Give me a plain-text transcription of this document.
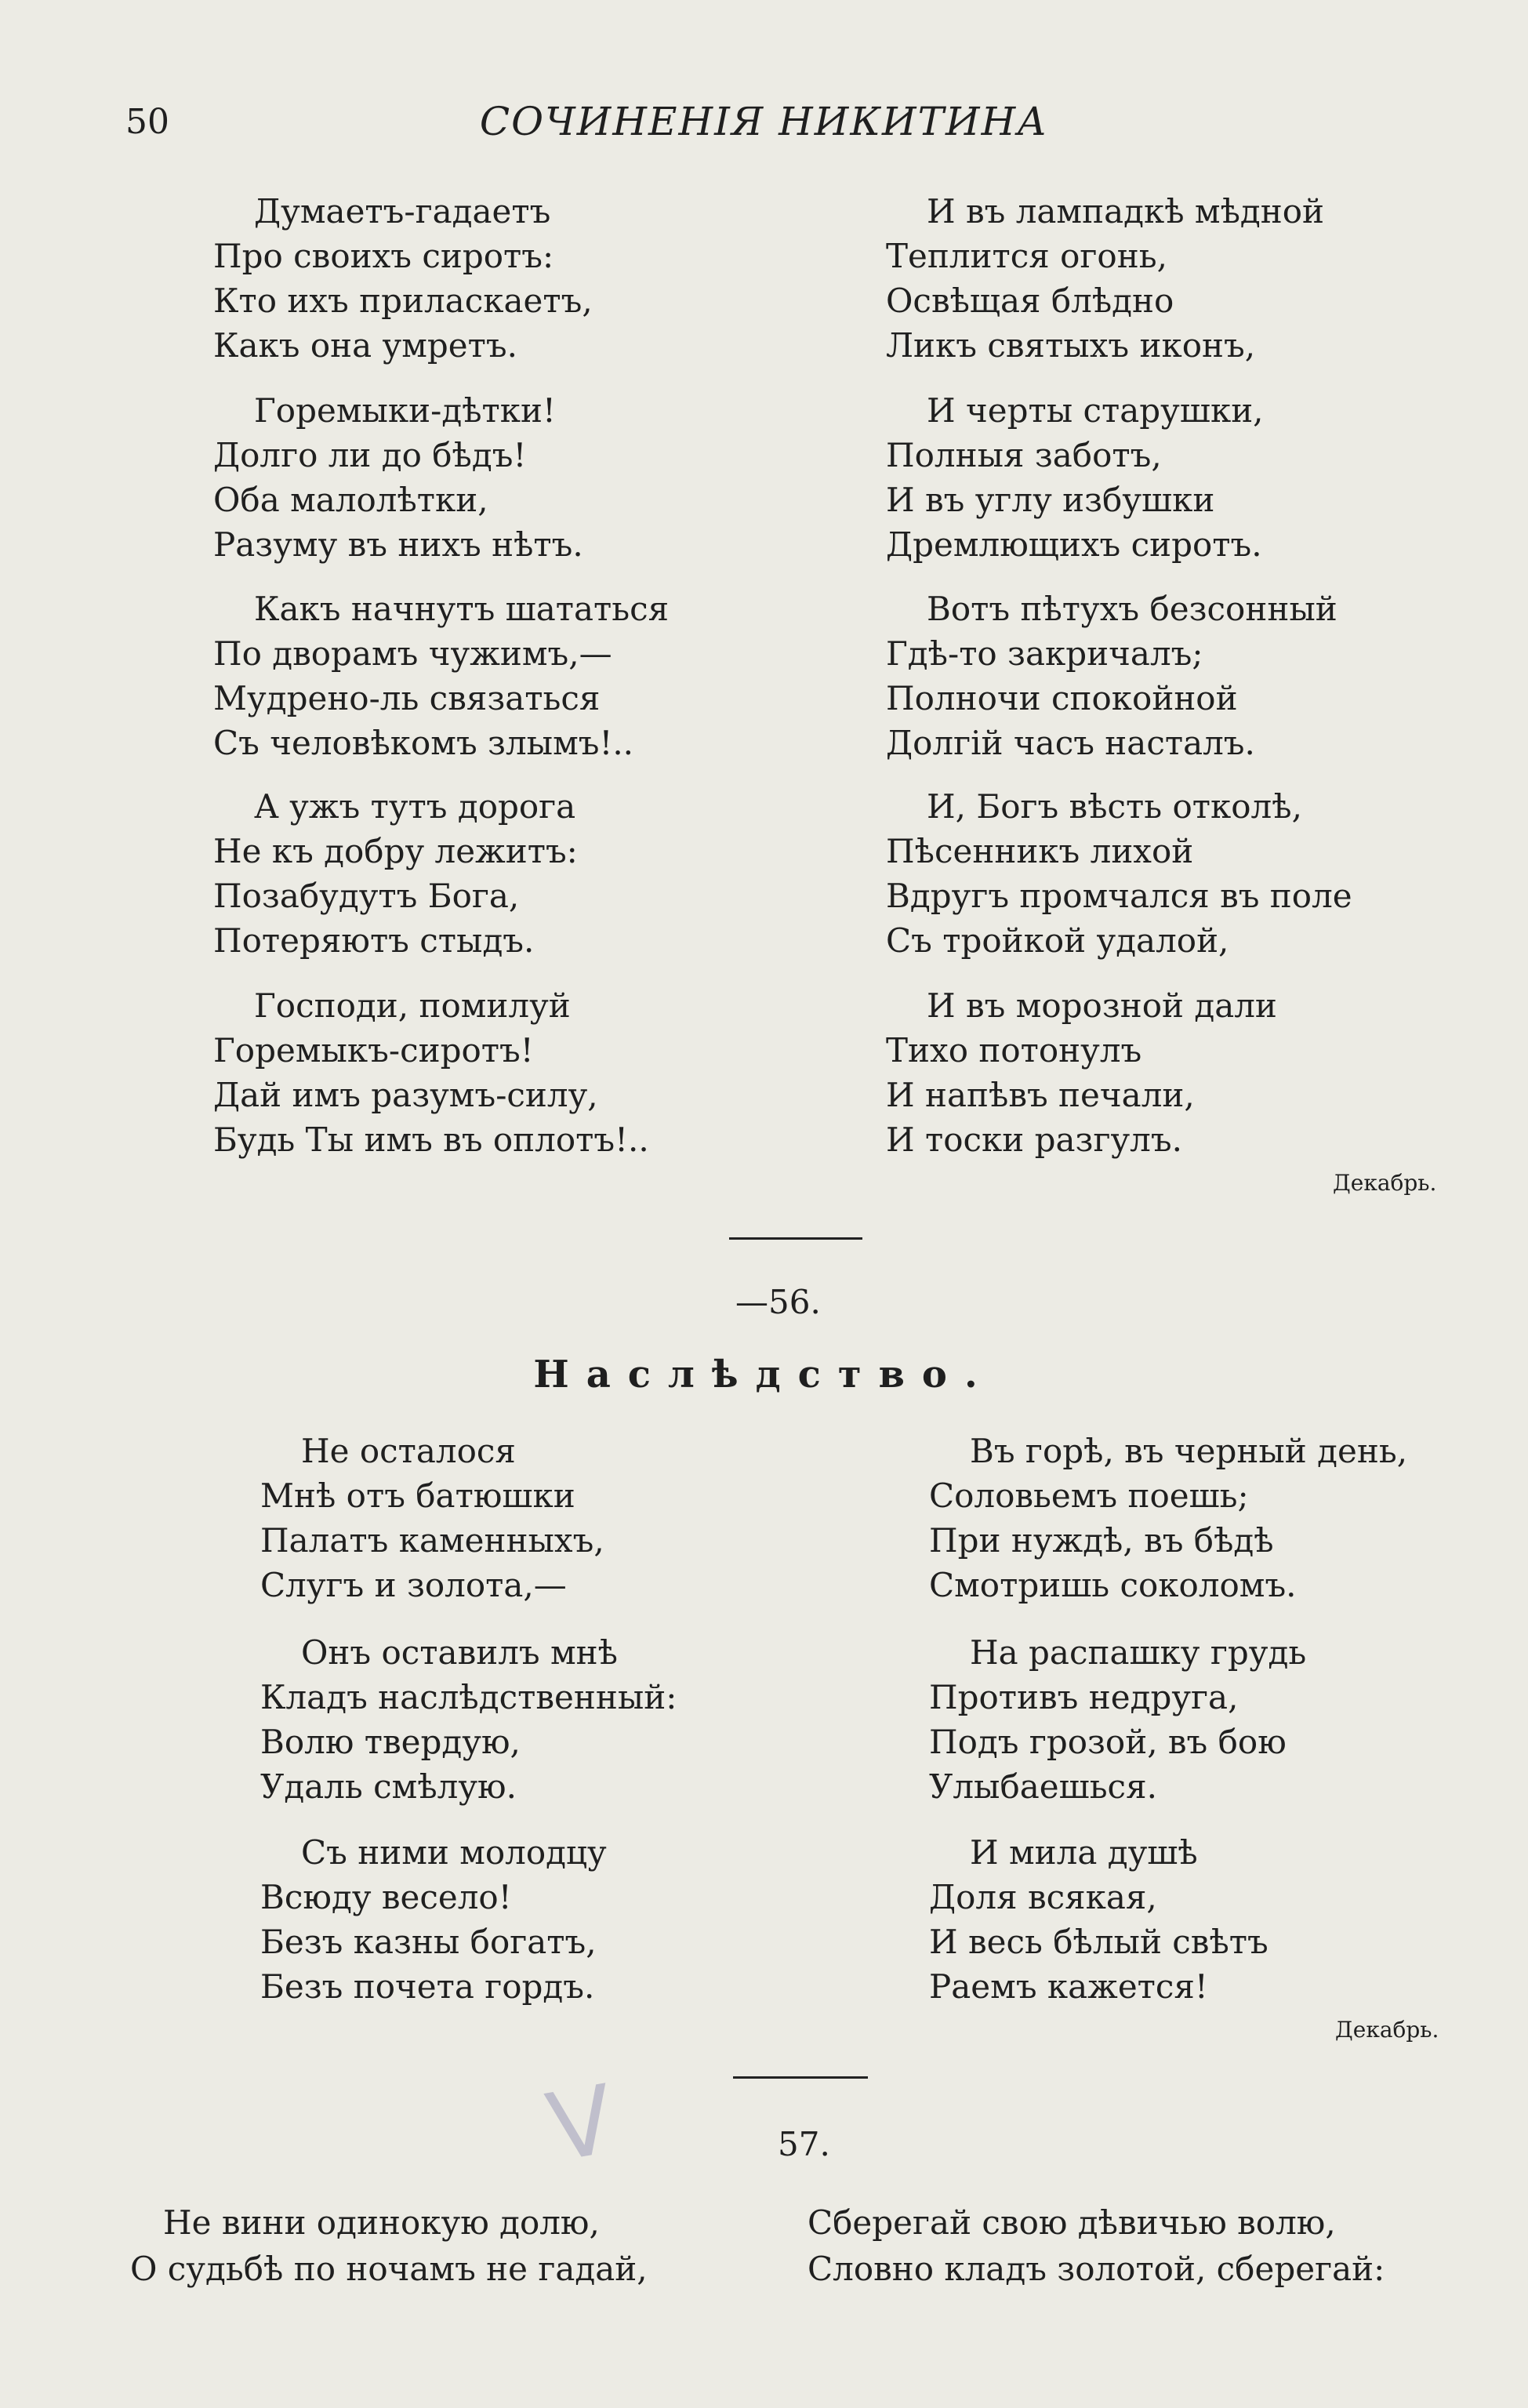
50	СОЧИНЕНІЯ НИКИТИНА
Думаетъ-гадаетъ
Про своихъ сиротъ:
Кто ихъ приласкаетъ,
Какъ она умретъ.
Горемыки-дѣтки!
Долго ли до бѣдъ!
Оба малолѣтки,
Разуму въ нихъ нѣтъ.
Какъ начнутъ шататься
По дворамъ чужимъ,—
Мудрено-ль связаться
Съ человѣкомъ злымъ!..
А ужъ тутъ дорога
Не къ добру лежитъ:
Позабудутъ Бога,
Потеряютъ стыдъ.
Господи, помилуй
Горемыкъ-сиротъ!
Дай имъ разумъ-силу,
Будь Ты имъ въ оплотъ!..
И въ лампадкѣ мѣдной
Теплится огонь,
Освѣщая блѣдно
Ликъ святыхъ иконъ,
И черты старушки,
Полныя заботъ,
И въ углу избушки
Дремлющихъ сиротъ.
Вотъ пѣтухъ безсонный
Гдѣ-то закричалъ;
Полночи спокойной
Долгій часъ насталъ.
И, Богъ вѣсть отколѣ,
Пѣсенникъ лихой
Вдругъ промчался въ поле
Съ тройкой удалой,
И въ морозной дали
Тихо потонулъ
И напѣвъ печали,
И тоски разгулъ.
Декабрь.
—56.
Наслѣдство.
Не осталося
Мнѣ отъ батюшки
Палатъ каменныхъ,
Слугъ и золота,—
Онъ оставилъ мнѣ
Кладъ наслѣдственный:
Волю твердую,
Удаль смѣлую.
Съ ними молодцу
Всюду весело!
Безъ казны богатъ,
Безъ почета гордъ.
Въ горѣ, въ черный день,
Соловьемъ поешь;
При нуждѣ, въ бѣдѣ
Смотришь соколомъ.
На распашку грудь
Противъ недруга,
Подъ грозой, въ бою
Улыбаешься.
И мила душѣ
Доля всякая,
И весь бѣлый свѣтъ
Раемъ кажется!
Декабрь.
V	57.
Не вини одинокую долю,
О судьбѣ по ночамъ не гадай,
Сберегай свою дѣвичью волю,
Словно кладъ золотой, сберегай:
